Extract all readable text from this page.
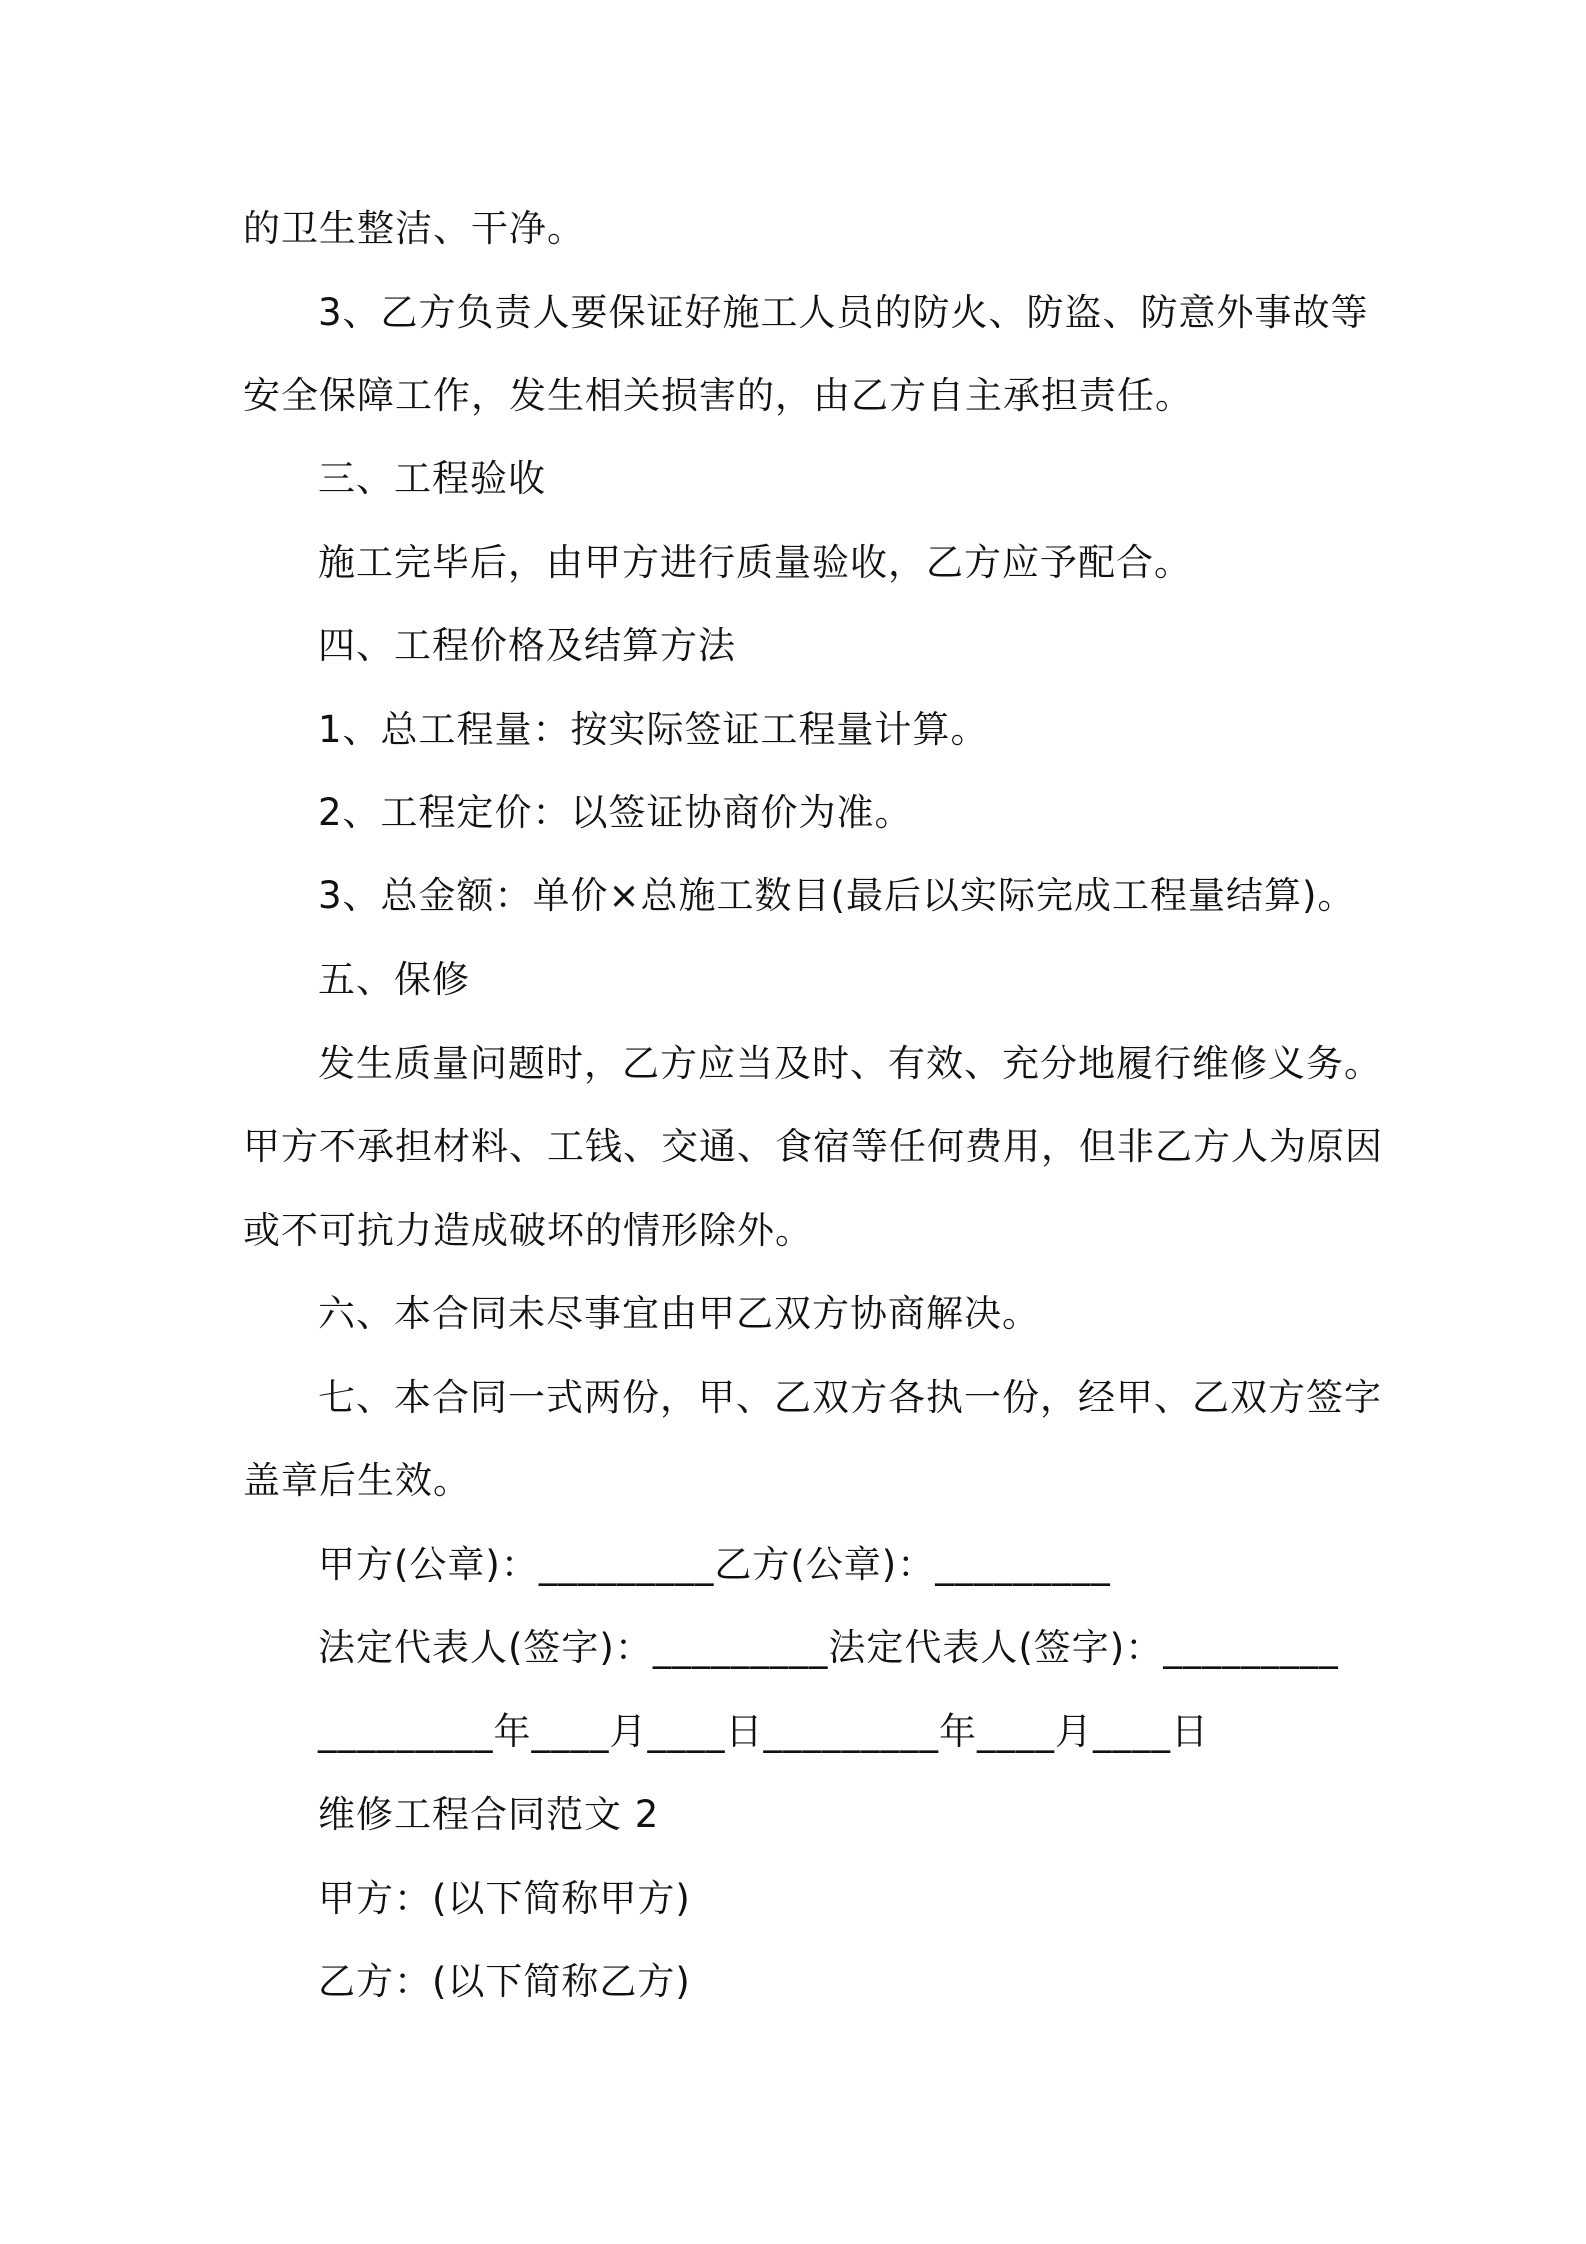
的卫生整洁、干净。
3、乙方负责人要保证好施工人员的防火、防盗、防意外事故等
安全保障工作，发生相关损害的，由乙方自主承担责任。
三、工程验收
施工完毕后，由甲方进行质量验收，乙方应予配合。
四、工程价格及结算方法
1、总工程量：按实际签证工程量计算。
2、工程定价：以签证协商价为准。
3、总金额：单价×总施工数目(最后以实际完成工程量结算)。
五、保修
发生质量问题时，乙方应当及时、有效、充分地履行维修义务。
甲方不承担材料、工钱、交通、食宿等任何费用，但非乙方人为原因
或不可抗力造成破坏的情形除外。
六、本合同未尽事宜由甲乙双方协商解决。
七、本合同一式两份，甲、乙双方各执一份，经甲、乙双方签字
盖章后生效。
甲方(公章)：_________乙方(公章)：_________
法定代表人(签字)：_________法定代表人(签字)：_________
_________年____月____日_________年____月____日
维修工程合同范文 2
甲方：(以下简称甲方)
乙方：(以下简称乙方)
